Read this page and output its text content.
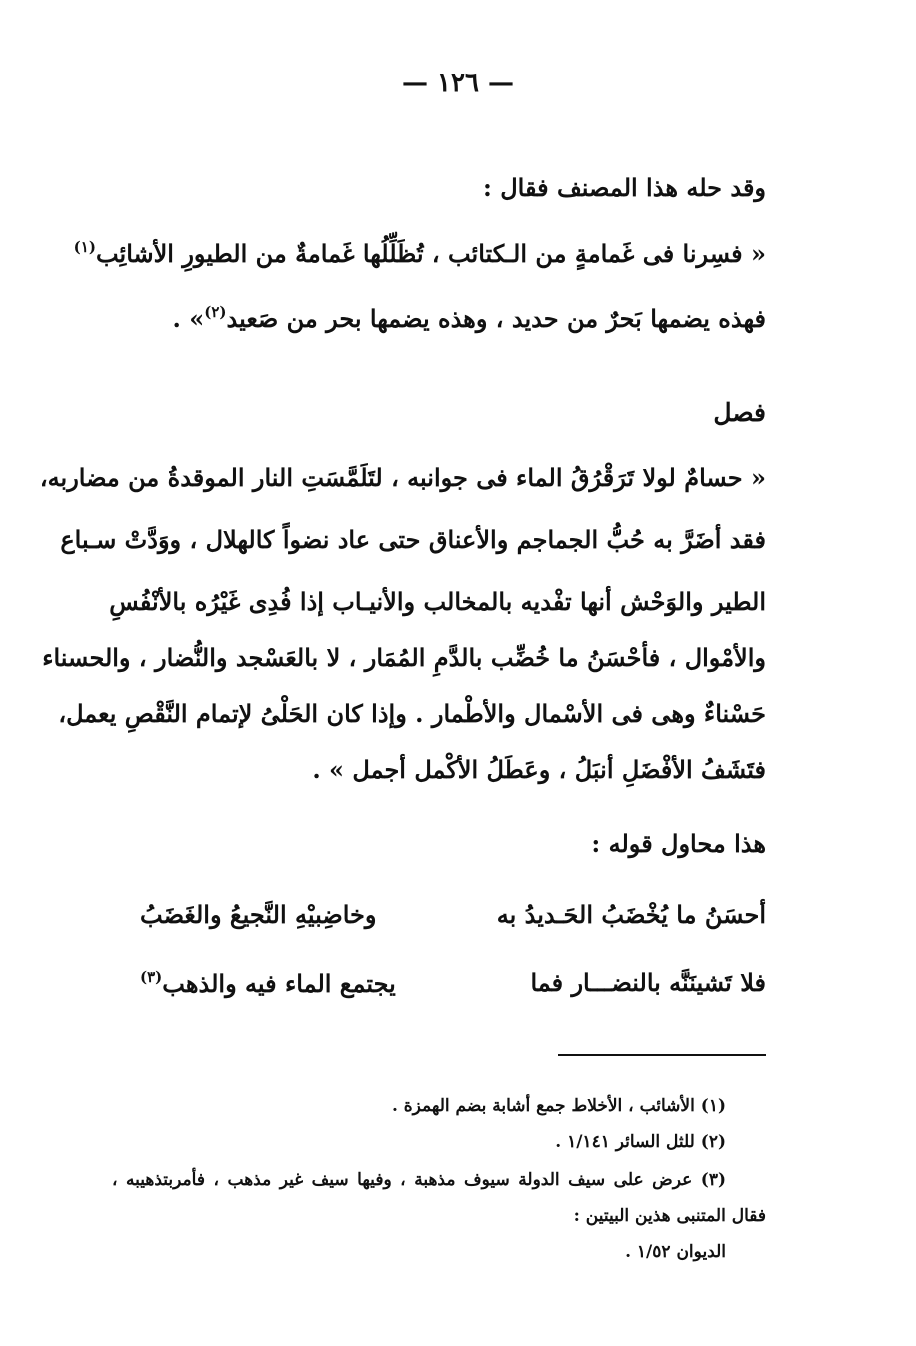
— ١٢٦ —
وقد حله هذا المصنف فقال :
« فسِرنا فى غَمامةٍ من الـكتائب ، تُظَلِّلُها غَمامةٌ من الطيورِ الأشائِب$^{(١)}$
فهذه يضمها بَحرٌ من حديد ، وهذه يضمها بحر من صَعيد$^{(٢)}$» .
فصل
« حسامٌ لولا تَرَقْرُقُ الماء فى جوانبه ، لتَلَمَّسَتِ النار الموقدةُ من مضاربه،
فقد أضَرَّ به حُبُّ الجماجم والأعناق حتى عاد نضواً كالهلال ، ووَدَّتْ سـباع
الطير والوَحْش أنها تفْديه بالمخالب والأنيـاب إذا فُدِى غَيْرُه بالأنْفُسِ
والأمْوال ، فأحْسَنُ ما خُضِّب بالدَّمِ المُمَار ، لا بالعَسْجد والنُّضار ، والحسناء
حَسْناءٌ وهى فى الأسْمال والأطْمار . وإذا كان الحَلْىُ لإتمام النَّقْصِ يعمل،
فتَشَفُ الأفْضَلِ أنبَلُ ، وعَطَلُ الأكْمل أجمل » .
هذا محاول قوله :
أحسَنُ ما يُخْضَبُ الحَـديدُ به
وخاضِبيْهِ النَّجيعُ والغَضَبُ
فلا تَشينَنَّه بالنضـــار فما
يجتمع الماء فيه والذهب$^{(٣)}$
(١) الأشائب ، الأخلاط جمع أشابة بضم الهمزة .
(٢) للثل السائر ١/١٤١ .
(٣) عرض على سيف الدولة سيوف مذهبة ، وفيها سيف غير مذهب ، فأمربتذهيبه ،
فقال المتنبى هذين البيتين :
الديوان ١/٥٢ .
